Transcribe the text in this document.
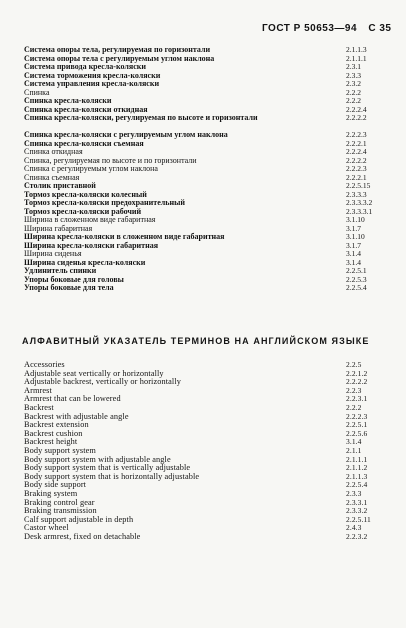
ГОСТ Р 50653—94 С 35
Система опоры тела, регулируемая по горизонтали	2.1.1.3
Система опоры тела с регулируемым углом наклона	2.1.1.1
Система привода кресла-коляски	2.3.1
Система торможения кресла-коляски	2.3.3
Система управления кресла-коляски	2.3.2
Спинка	2.2.2
Спинка кресла-коляски	2.2.2
Спинка кресла-коляски откидная	2.2.2.4
Спинка кресла-коляски, регулируемая по высоте и горизонтали	2.2.2.2
Спинка кресла-коляски с регулируемым углом наклона	2.2.2.3
Спинка кресла-коляски съемная	2.2.2.1
Спинка откидная	2.2.2.4
Спинка, регулируемая по высоте и по горизонтали	2.2.2.2
Спинка с регулируемым углом наклона	2.2.2.3
Спинка съемная	2.2.2.1
Столик приставной	2.2.5.15
Тормоз кресла-коляски колесный	2.3.3.3
Тормоз кресла-коляски предохранительный	2.3.3.3.2
Тормоз кресла-коляски рабочий	2.3.3.3.1
Ширина в сложенном виде габаритная	3.1.10
Ширина габаритная	3.1.7
Ширина кресла-коляски в сложенном виде габаритная	3.1.10
Ширина кресла-коляски габаритная	3.1.7
Ширина сиденья	3.1.4
Ширина сиденья кресла-коляски	3.1.4
Удлинитель спинки	2.2.5.1
Упоры боковые для головы	2.2.5.3
Упоры боковые для тела	2.2.5.4
АЛФАВИТНЫЙ УКАЗАТЕЛЬ ТЕРМИНОВ НА АНГЛИЙСКОМ ЯЗЫКЕ
Accessories	2.2.5
Adjustable seat vertically or horizontally	2.2.1.2
Adjustable backrest, vertically or horizontally	2.2.2.2
Armrest	2.2.3
Armrest that can be lowered	2.2.3.1
Backrest	2.2.2
Backrest with adjustable angle	2.2.2.3
Backrest extension	2.2.5.1
Backrest cushion	2.2.5.6
Backrest height	3.1.4
Body support system	2.1.1
Body support system with adjustable angle	2.1.1.1
Body support system that is vertically adjustable	2.1.1.2
Body support system that is horizontally adjustable	2.1.1.3
Body side support	2.2.5.4
Braking system	2.3.3
Braking control gear	2.3.3.1
Braking transmission	2.3.3.2
Calf support adjustable in depth	2.2.5.11
Castor wheel	2.4.3
Desk armrest, fixed on detachable	2.2.3.2
